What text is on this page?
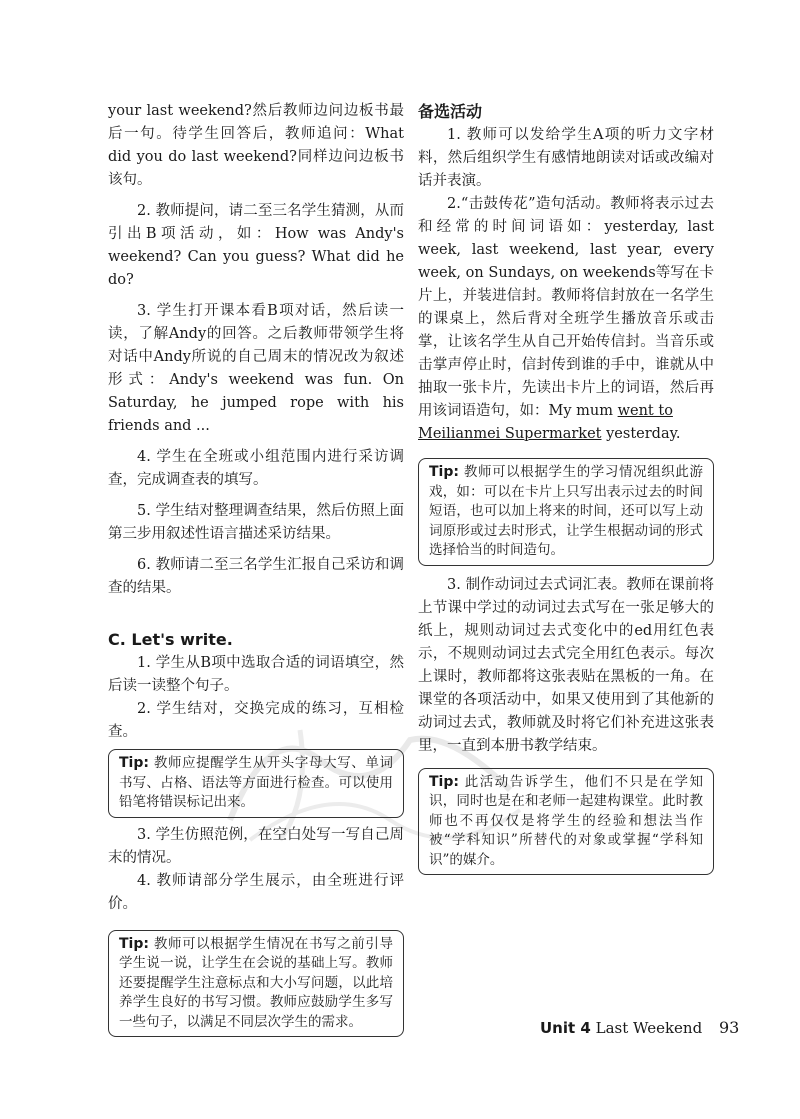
your last weekend?然后教师边问边板书最后一句。待学生回答后，教师追问：What did you do last weekend?同样边问边板书该句。

2. 教师提问，请二至三名学生猜测，从而引出B项活动，如：How was Andy's weekend? Can you guess? What did he do?

3. 学生打开课本看B项对话，然后读一读，了解Andy的回答。之后教师带领学生将对话中Andy所说的自己周末的情况改为叙述形式：Andy's weekend was fun. On Saturday, he jumped rope with his friends and ...

4. 学生在全班或小组范围内进行采访调查，完成调查表的填写。

5. 学生结对整理调查结果，然后仿照上面第三步用叙述性语言描述采访结果。

6. 教师请二至三名学生汇报自己采访和调查的结果。

C. Let's write.

1. 学生从B项中选取合适的词语填空，然后读一读整个句子。

2. 学生结对，交换完成的练习，互相检查。

Tip: 教师应提醒学生从开头字母大写、单词书写、占格、语法等方面进行检查。可以使用铅笔将错误标记出来。

3. 学生仿照范例，在空白处写一写自己周末的情况。

4. 教师请部分学生展示，由全班进行评价。

Tip: 教师可以根据学生情况在书写之前引导学生说一说，让学生在会说的基础上写。教师还要提醒学生注意标点和大小写问题，以此培养学生良好的书写习惯。教师应鼓励学生多写一些句子，以满足不同层次学生的需求。
备选活动

1. 教师可以发给学生A项的听力文字材料，然后组织学生有感情地朗读对话或改编对话并表演。

2.“击鼓传花”造句活动。教师将表示过去和经常的时间词语如：yesterday, last week, last weekend, last year, every week, on Sundays, on weekends等写在卡片上，并装进信封。教师将信封放在一名学生的课桌上，然后背对全班学生播放音乐或击掌，让该名学生从自己开始传信封。当音乐或击掌声停止时，信封传到谁的手中，谁就从中抽取一张卡片，先读出卡片上的词语，然后再用该词语造句，如：My mum went to
Meilianmei Supermarket yesterday.

Tip: 教师可以根据学生的学习情况组织此游戏，如：可以在卡片上只写出表示过去的时间短语，也可以加上将来的时间，还可以写上动词原形或过去时形式，让学生根据动词的形式选择恰当的时间造句。

3. 制作动词过去式词汇表。教师在课前将上节课中学过的动词过去式写在一张足够大的纸上，规则动词过去式变化中的ed用红色表示，不规则动词过去式完全用红色表示。每次上课时，教师都将这张表贴在黑板的一角。在课堂的各项活动中，如果又使用到了其他新的动词过去式，教师就及时将它们补充进这张表里，一直到本册书教学结束。

Tip: 此活动告诉学生，他们不只是在学知识，同时也是在和老师一起建构课堂。此时教师也不再仅仅是将学生的经验和想法当作被“学科知识”所替代的对象或掌握“学科知识”的媒介。
Unit 4 Last Weekend 93
